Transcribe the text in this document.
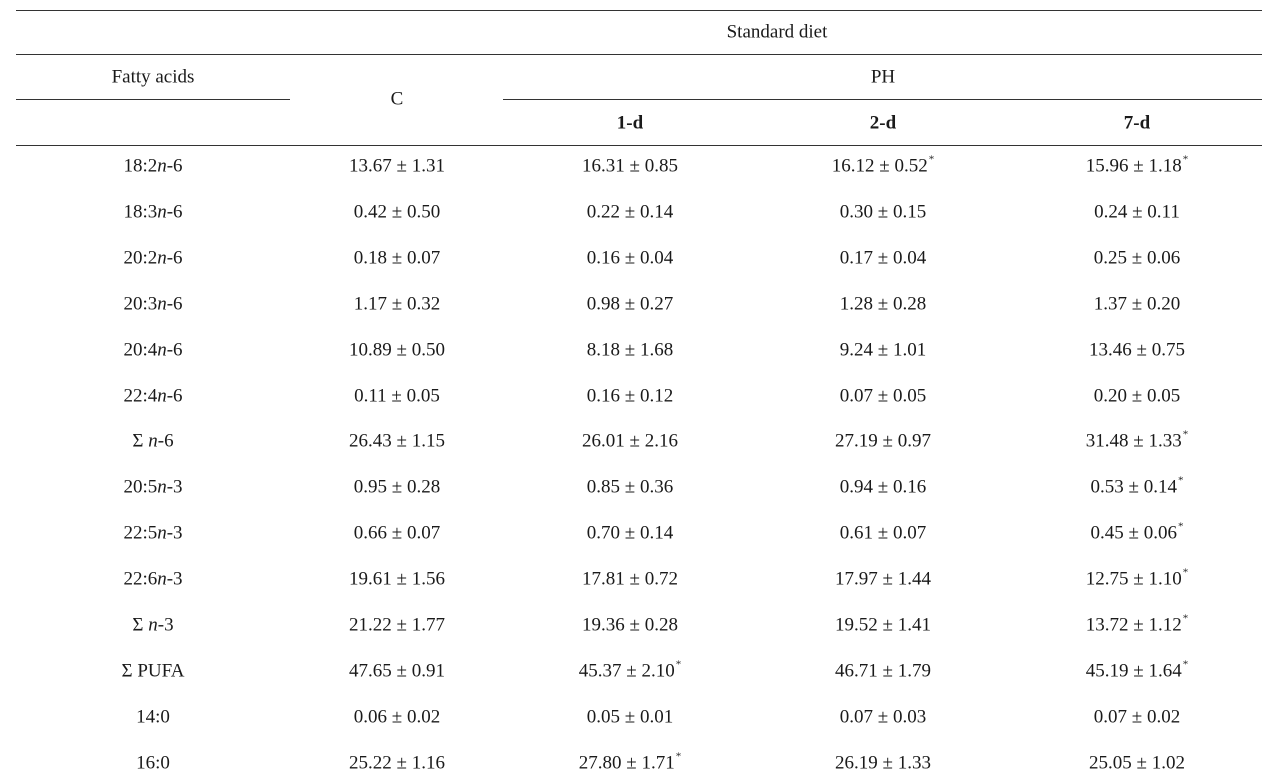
Standard diet
Fatty acids
C
PH
1-d	2-d	7-d
18:2n-6	13.67 ± 1.31	16.31 ± 0.85	16.12 ± 0.52*	15.96 ± 1.18*
18:3n-6	0.42 ± 0.50	0.22 ± 0.14	0.30 ± 0.15	0.24 ± 0.11
20:2n-6	0.18 ± 0.07	0.16 ± 0.04	0.17 ± 0.04	0.25 ± 0.06
20:3n-6	1.17 ± 0.32	0.98 ± 0.27	1.28 ± 0.28	1.37 ± 0.20
20:4n-6	10.89 ± 0.50	8.18 ± 1.68	9.24 ± 1.01	13.46 ± 0.75
22:4n-6	0.11 ± 0.05	0.16 ± 0.12	0.07 ± 0.05	0.20 ± 0.05
Σ n-6	26.43 ± 1.15	26.01 ± 2.16	27.19 ± 0.97	31.48 ± 1.33*
20:5n-3	0.95 ± 0.28	0.85 ± 0.36	0.94 ± 0.16	0.53 ± 0.14*
22:5n-3	0.66 ± 0.07	0.70 ± 0.14	0.61 ± 0.07	0.45 ± 0.06*
22:6n-3	19.61 ± 1.56	17.81 ± 0.72	17.97 ± 1.44	12.75 ± 1.10*
Σ n-3	21.22 ± 1.77	19.36 ± 0.28	19.52 ± 1.41	13.72 ± 1.12*
Σ PUFA	47.65 ± 0.91	45.37 ± 2.10*	46.71 ± 1.79	45.19 ± 1.64*
14:0	0.06 ± 0.02	0.05 ± 0.01	0.07 ± 0.03	0.07 ± 0.02
16:0	25.22 ± 1.16	27.80 ± 1.71*	26.19 ± 1.33	25.05 ± 1.02
